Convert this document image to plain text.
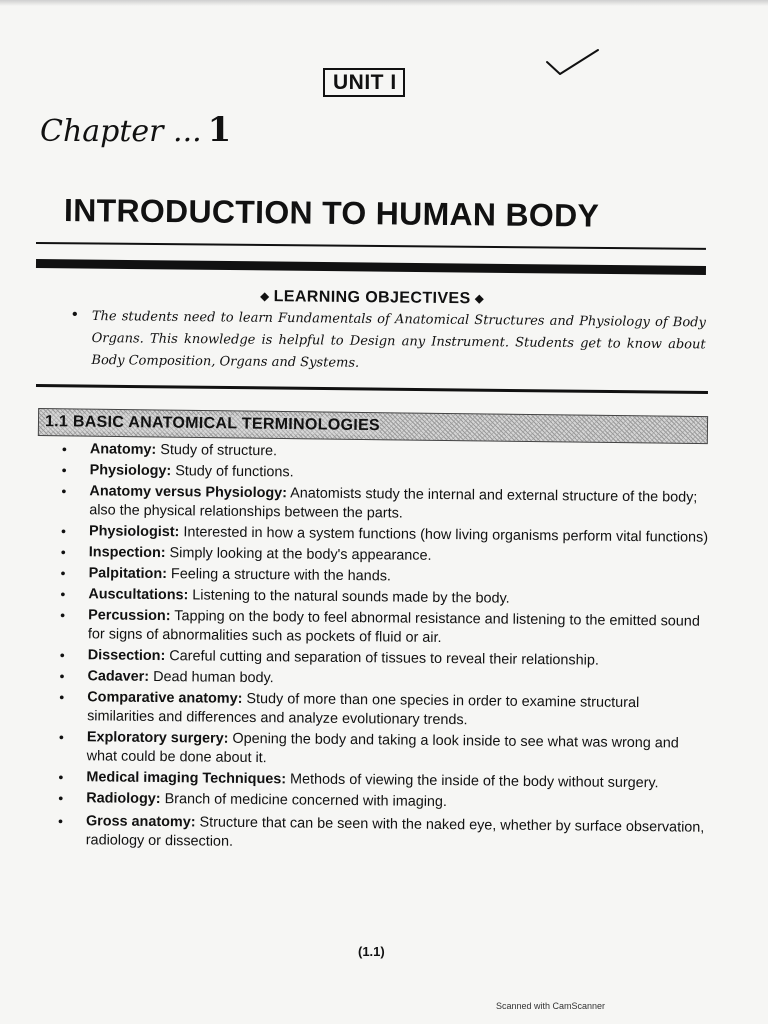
UNIT I
Chapter ... 1
INTRODUCTION TO HUMAN BODY
◆ LEARNING OBJECTIVES ◆
• The students need to learn Fundamentals of Anatomical Structures and Physiology of Body Organs. This knowledge is helpful to Design any Instrument. Students get to know about Body Composition, Organs and Systems.
1.1 BASIC ANATOMICAL TERMINOLOGIES
• Anatomy: Study of structure.
• Physiology: Study of functions.
• Anatomy versus Physiology: Anatomists study the internal and external structure of the body; also the physical relationships between the parts.
• Physiologist: Interested in how a system functions (how living organisms perform vital functions)
• Inspection: Simply looking at the body's appearance.
• Palpitation: Feeling a structure with the hands.
• Auscultations: Listening to the natural sounds made by the body.
• Percussion: Tapping on the body to feel abnormal resistance and listening to the emitted sound for signs of abnormalities such as pockets of fluid or air.
• Dissection: Careful cutting and separation of tissues to reveal their relationship.
• Cadaver: Dead human body.
• Comparative anatomy: Study of more than one species in order to examine structural similarities and differences and analyze evolutionary trends.
• Exploratory surgery: Opening the body and taking a look inside to see what was wrong and what could be done about it.
• Medical imaging Techniques: Methods of viewing the inside of the body without surgery.
• Radiology: Branch of medicine concerned with imaging.
• Gross anatomy: Structure that can be seen with the naked eye, whether by surface observation, radiology or dissection.
(1.1)
Scanned with CamScanner
